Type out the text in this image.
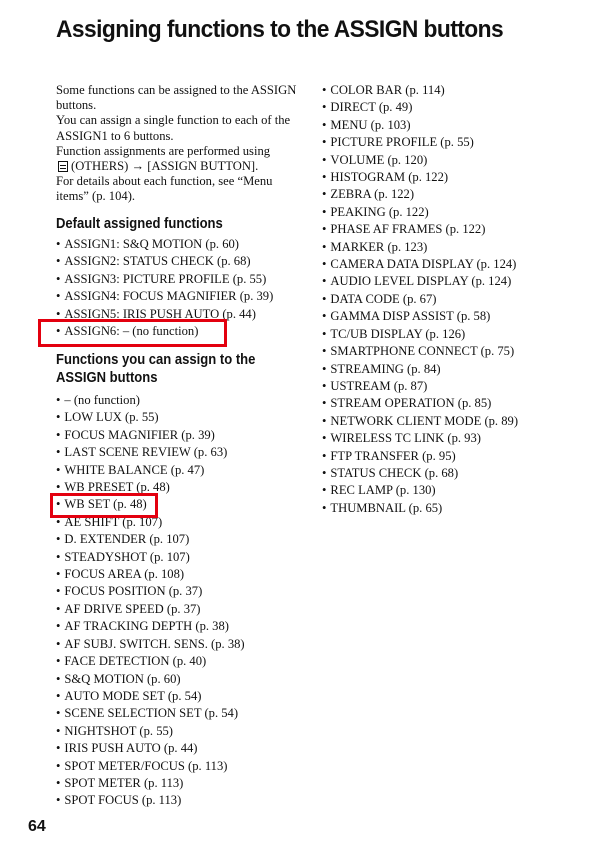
Assigning functions to the ASSIGN buttons

Some functions can be assigned to the ASSIGN buttons.

You can assign a single function to each of the ASSIGN1 to 6 buttons.

Function assignments are performed using
(OTHERS) → [ASSIGN BUTTON].

For details about each function, see “Menu items” (p. 104).

Default assigned functions
• ASSIGN1: S&Q MOTION (p. 60)
• ASSIGN2: STATUS CHECK (p. 68)
• ASSIGN3: PICTURE PROFILE (p. 55)
• ASSIGN4: FOCUS MAGNIFIER (p. 39)
• ASSIGN5: IRIS PUSH AUTO (p. 44)
• ASSIGN6: – (no function)
Functions you can assign to the
ASSIGN buttons
• – (no function)
• LOW LUX (p. 55)
• FOCUS MAGNIFIER (p. 39)
• LAST SCENE REVIEW (p. 63)
• WHITE BALANCE (p. 47)
• WB PRESET (p. 48)
• WB SET (p. 48)
• AE SHIFT (p. 107)
• D. EXTENDER (p. 107)
• STEADYSHOT (p. 107)
• FOCUS AREA (p. 108)
• FOCUS POSITION (p. 37)
• AF DRIVE SPEED (p. 37)
• AF TRACKING DEPTH (p. 38)
• AF SUBJ. SWITCH. SENS. (p. 38)
• FACE DETECTION (p. 40)
• S&Q MOTION (p. 60)
• AUTO MODE SET (p. 54)
• SCENE SELECTION SET (p. 54)
• NIGHTSHOT (p. 55)
• IRIS PUSH AUTO (p. 44)
• SPOT METER/FOCUS (p. 113)
• SPOT METER (p. 113)
• SPOT FOCUS (p. 113)
• COLOR BAR (p. 114)
• DIRECT (p. 49)
• MENU (p. 103)
• PICTURE PROFILE (p. 55)
• VOLUME (p. 120)
• HISTOGRAM (p. 122)
• ZEBRA (p. 122)
• PEAKING (p. 122)
• PHASE AF FRAMES (p. 122)
• MARKER (p. 123)
• CAMERA DATA DISPLAY (p. 124)
• AUDIO LEVEL DISPLAY (p. 124)
• DATA CODE (p. 67)
• GAMMA DISP ASSIST (p. 58)
• TC/UB DISPLAY (p. 126)
• SMARTPHONE CONNECT (p. 75)
• STREAMING (p. 84)
• USTREAM (p. 87)
• STREAM OPERATION (p. 85)
• NETWORK CLIENT MODE (p. 89)
• WIRELESS TC LINK (p. 93)
• FTP TRANSFER (p. 95)
• STATUS CHECK (p. 68)
• REC LAMP (p. 130)
• THUMBNAIL (p. 65)
64
